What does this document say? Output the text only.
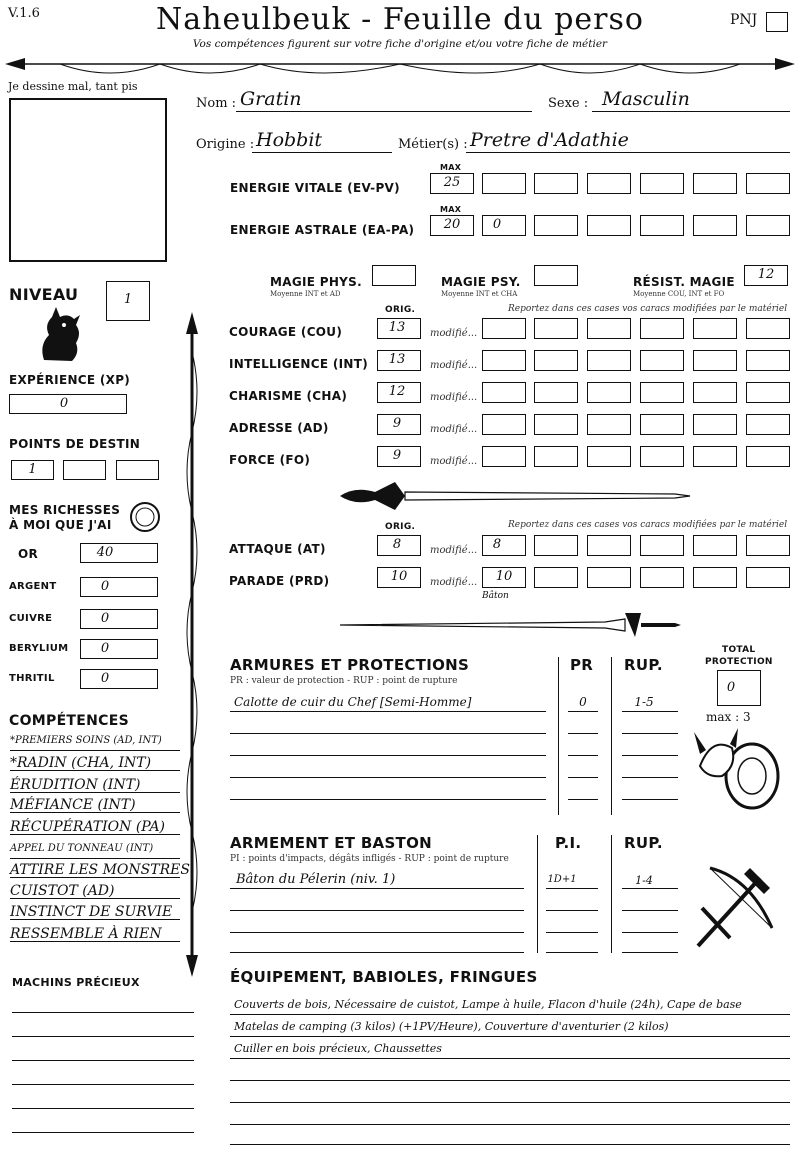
V.1.6	Naheulbeuk - Feuille du perso
Vos compétences figurent sur votre fiche d'origine et/ou votre fiche de métier
PNJ
Je dessine mal, tant pis
Nom : Gratin	Sexe : Masculin
Origine : Hobbit	Métier(s) : Pretre d'Adathie
MAX
ENERGIE VITALE (EV-PV)	25
MAX
ENERGIE ASTRALE (EA-PA)	20	0
MAGIE PHYS.
Moyenne INT et AD
MAGIE PSY.
Moyenne INT et CHA
RÉSIST. MAGIE
Moyenne COU, INT et FO
12
NIVEAU	1
EXPÉRIENCE (XP)
0
POINTS DE DESTIN
1
MES RICHESSES
À MOI QUE J'AI
COMPÉTENCES
MACHINS PRÉCIEUX
ORIG.	Reportez dans ces cases vos caracs modifiées par le matériel
ORIG.	Reportez dans ces cases vos caracs modifiées par le matériel
ATTAQUE (AT)	8	modifié...	8
PARADE (PRD)	10	modifié...	10
Bâton
ARMURES ET PROTECTIONS
PR : valeur de protection - RUP : point de rupture
PR RUP.
TOTAL
PROTECTION
0
max : 3
ARMEMENT ET BASTON
PI : points d'impacts, dégâts infligés - RUP : point de rupture
P.I.	RUP.
ÉQUIPEMENT, BABIOLES, FRINGUES
OR	40
ARGENT	0
CUIVRE	0
BERYLIUM	0
THRITIL	0
*PREMIERS SOINS (AD, INT)
*RADIN (CHA, INT)
ÉRUDITION (INT)
MÉFIANCE (INT)
RÉCUPÉRATION (PA)
APPEL DU TONNEAU (INT)
ATTIRE LES MONSTRES
CUISTOT (AD)
INSTINCT DE SURVIE
RESSEMBLE À RIEN
COURAGE (COU)	13	modifié...
INTELLIGENCE (INT)	13	modifié...
CHARISME (CHA)	12	modifié...
ADRESSE (AD)	9	modifié...
FORCE (FO)	9	modifié...
Calotte de cuir du Chef [Semi-Homme]	0	1-5
Bâton du Pélerin (niv. 1)	1D+1	1-4
Couverts de bois, Nécessaire de cuistot, Lampe à huile, Flacon d'huile (24h), Cape de base
Matelas de camping (3 kilos) (+1PV/Heure), Couverture d'aventurier (2 kilos)
Cuiller en bois précieux, Chaussettes
